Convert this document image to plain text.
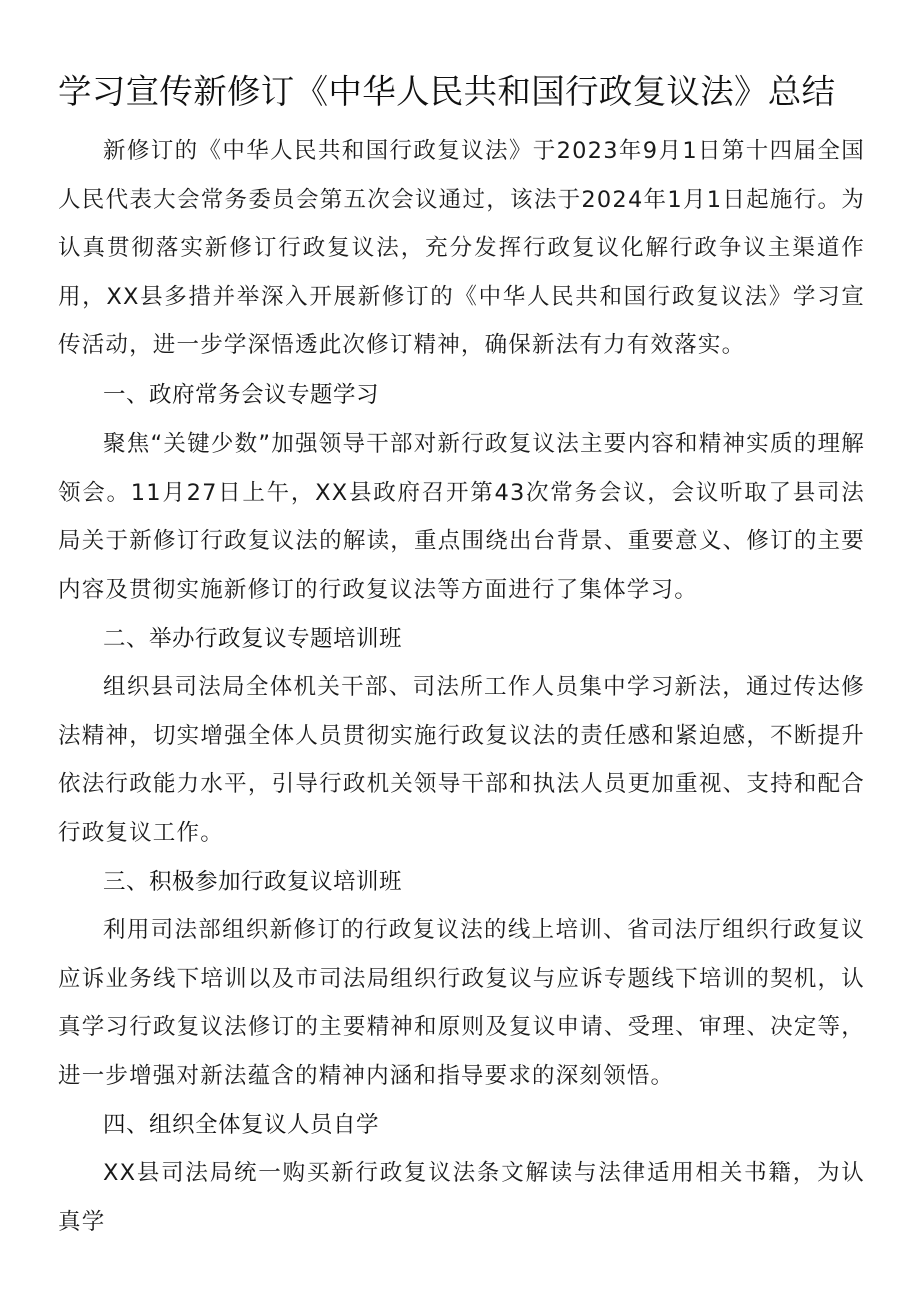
学习宣传新修订《中华人民共和国行政复议法》总结

新修订的《中华人民共和国行政复议法》于2023年9月1日第十四届全国人民代表大会常务委员会第五次会议通过，该法于2024年1月1日起施行。为认真贯彻落实新修订行政复议法，充分发挥行政复议化解行政争议主渠道作用，XX县多措并举深入开展新修订的《中华人民共和国行政复议法》学习宣传活动，进一步学深悟透此次修订精神，确保新法有力有效落实。

一、政府常务会议专题学习

聚焦“关键少数”加强领导干部对新行政复议法主要内容和精神实质的理解领会。11月27日上午，XX县政府召开第43次常务会议，会议听取了县司法局关于新修订行政复议法的解读，重点围绕出台背景、重要意义、修订的主要内容及贯彻实施新修订的行政复议法等方面进行了集体学习。

二、举办行政复议专题培训班

组织县司法局全体机关干部、司法所工作人员集中学习新法，通过传达修法精神，切实增强全体人员贯彻实施行政复议法的责任感和紧迫感，不断提升依法行政能力水平，引导行政机关领导干部和执法人员更加重视、支持和配合行政复议工作。

三、积极参加行政复议培训班

利用司法部组织新修订的行政复议法的线上培训、省司法厅组织行政复议应诉业务线下培训以及市司法局组织行政复议与应诉专题线下培训的契机，认真学习行政复议法修订的主要精神和原则及复议申请、受理、审理、决定等，进一步增强对新法蕴含的精神内涵和指导要求的深刻领悟。

四、组织全体复议人员自学

XX县司法局统一购买新行政复议法条文解读与法律适用相关书籍，为认真学
